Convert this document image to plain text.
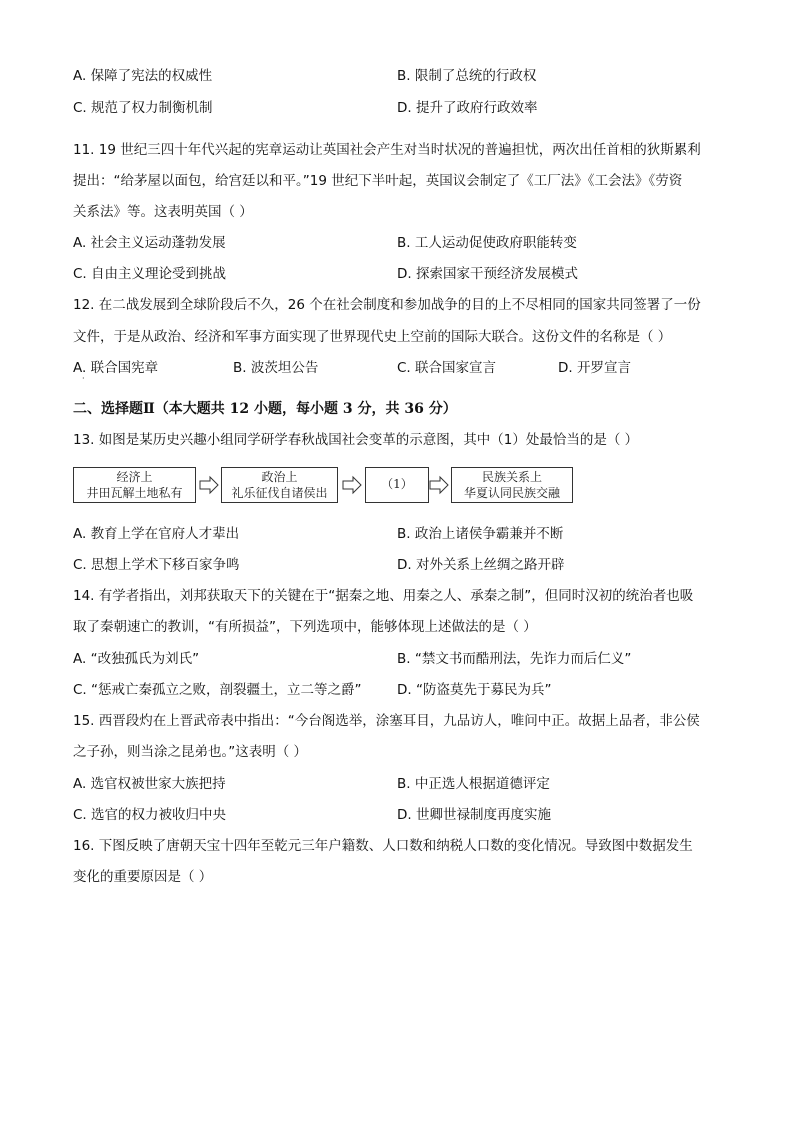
A. 保障了宪法的权威性	B. 限制了总统的行政权
C. 规范了权力制衡机制	D. 提升了政府行政效率
11. 19 世纪三四十年代兴起的宪章运动让英国社会产生对当时状况的普遍担忧，两次出任首相的狄斯累利
提出：“给茅屋以面包，给宫廷以和平。”19 世纪下半叶起，英国议会制定了《工厂法》《工会法》《劳资
关系法》等。这表明英国（ ）
A. 社会主义运动蓬勃发展	B. 工人运动促使政府职能转变
C. 自由主义理论受到挑战	D. 探索国家干预经济发展模式
12. 在二战发展到全球阶段后不久，26 个在社会制度和参加战争的目的上不尽相同的国家共同签署了一份
文件，于是从政治、经济和军事方面实现了世界现代史上空前的国际大联合。这份文件的名称是（ ）
A. 联合国宪章	B. 波茨坦公告	C. 联合国家宣言	D. 开罗宣言
·
二、选择题Ⅱ（本大题共 12 小题，每小题 3 分，共 36 分）
13. 如图是某历史兴趣小组同学研学春秋战国社会变革的示意图，其中（1）处最恰当的是（ ）
经济上
井田瓦解土地私有
政治上
礼乐征伐自诸侯出
（1）	民族关系上
华夏认同民族交融
A. 教育上学在官府人才辈出	B. 政治上诸侯争霸兼并不断
C. 思想上学术下移百家争鸣	D. 对外关系上丝绸之路开辟
14. 有学者指出，刘邦获取天下的关键在于“据秦之地、用秦之人、承秦之制”，但同时汉初的统治者也吸
取了秦朝速亡的教训，“有所损益”，下列选项中，能够体现上述做法的是（ ）
A. “改独孤氏为刘氏”	B. “禁文书而酷刑法，先诈力而后仁义”
C. “惩戒亡秦孤立之败，剖裂疆土，立二等之爵”	D. “防盗莫先于募民为兵”
15. 西晋段灼在上晋武帝表中指出：“今台阁选举，涂塞耳目，九品访人，唯问中正。故据上品者，非公侯
之子孙，则当涂之昆弟也。”这表明（ ）
A. 选官权被世家大族把持	B. 中正选人根据道德评定
C. 选官的权力被收归中央	D. 世卿世禄制度再度实施
16. 下图反映了唐朝天宝十四年至乾元三年户籍数、人口数和纳税人口数的变化情况。导致图中数据发生
变化的重要原因是（ ）
